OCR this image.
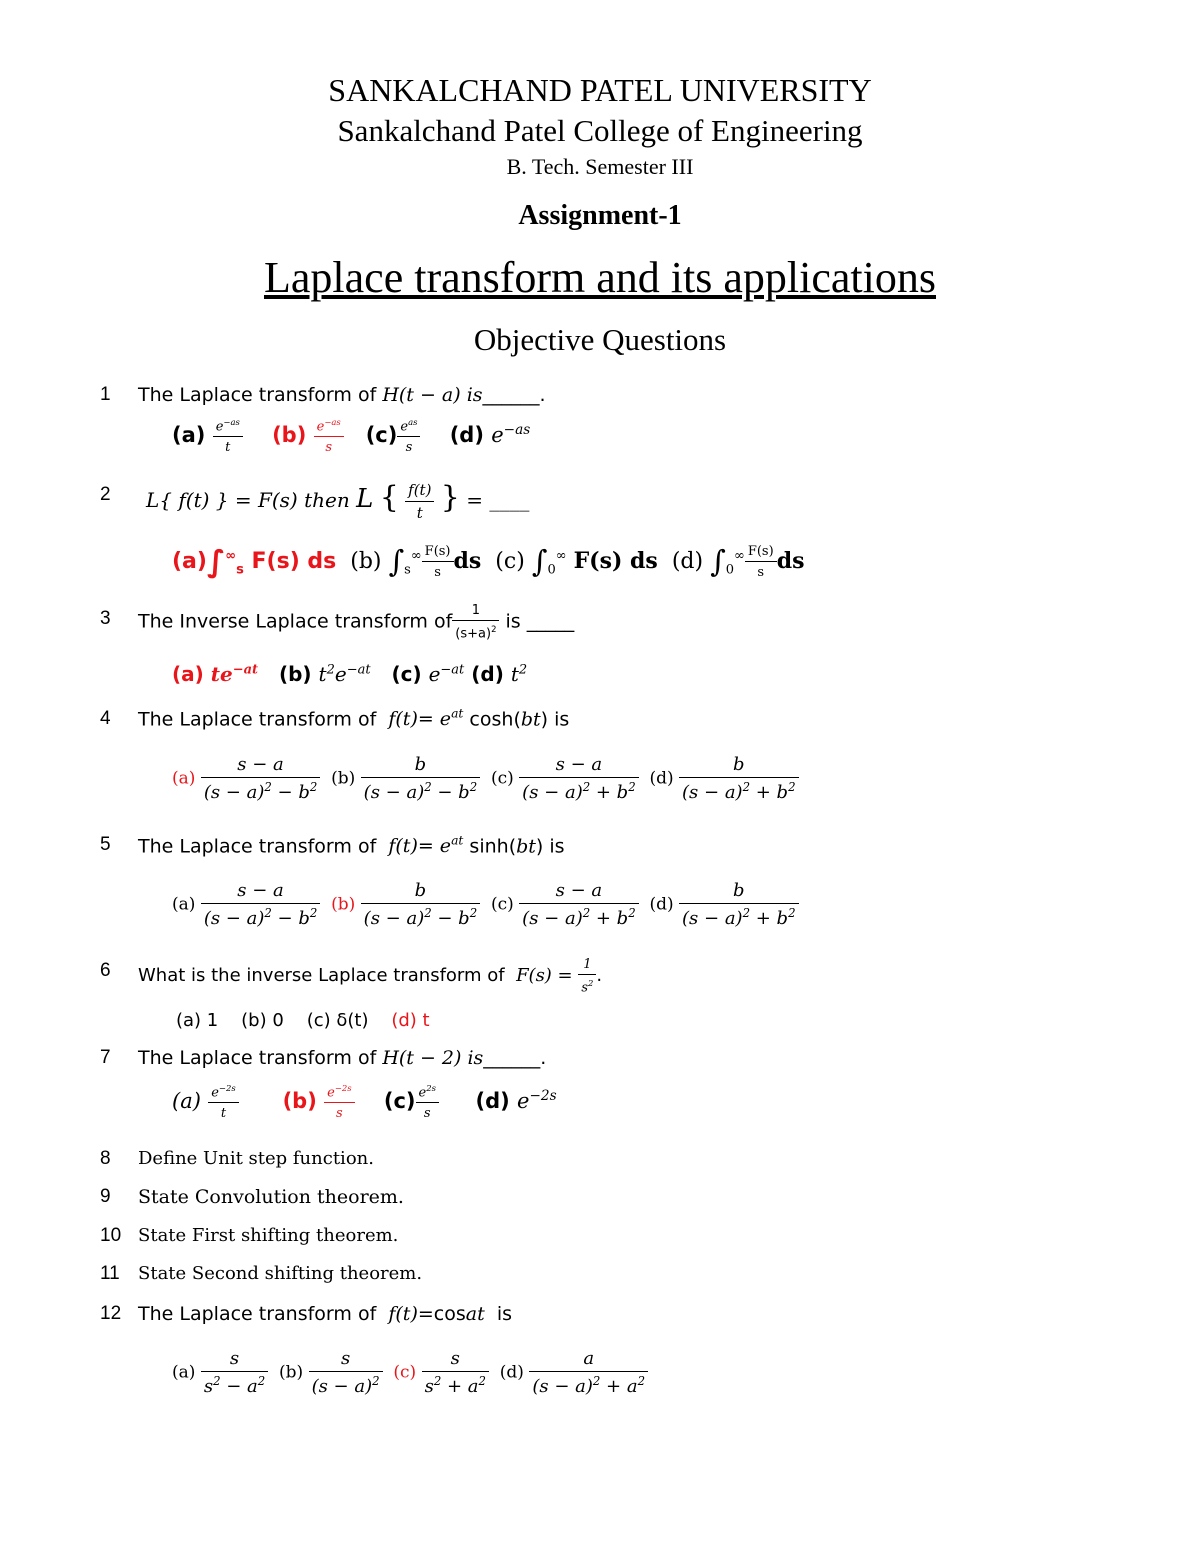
SANKALCHAND PATEL UNIVERSITY
Sankalchand Patel College of Engineering
B. Tech. Semester III
Assignment-1
Laplace transform and its applications
Objective Questions
1 The Laplace transform of H(t − a) is______.
$(a) \frac{e^{-as}}{t} (b) \frac{e^{-as}}{s} (c)$ $e^{as}$
s
(d) $e^{-as}$
2 L{ f(t) } = F(s) then L { $\frac{f(t)}{t}$ } = ____
$(a)\int^\infty_s$ F(s) ds (b) $\int_s^\infty \frac{F(s)}{s}$ ds (c) $\int_0^\infty$ F(s) ds (d) $\int_0^\infty \frac{F(s)}{s}$ ds
3 The Inverse Laplace transform of $\frac{1}{(s+a)^2}$ is _____
(a) $te^{-at}$ (b) $t^2e^{-at}$ (c) $e^{-at}$ (d) $t^2$
4 The Laplace transform of $f(t)= e^{at}$ cosh(bt) is
$(a) \frac{s - a}{(s - a)^2 - b^2} (b) \frac{b}{(s - a)^2 - b^2} (c) \frac{s - a}{(s - a)^2 + b^2} (d) \frac{b}{(s - a)^2 + b^2}$
5 The Laplace transform of $f(t)= e^{at}$ sinh(bt) is
$(a) \frac{s - a}{(s - a)^2 - b^2} (b) \frac{b}{(s - a)^2 - b^2} (c) \frac{s - a}{(s - a)^2 + b^2} (d) \frac{b}{(s - a)^2 + b^2}$
6 What is the inverse Laplace transform of $F(s) = \frac{1}{s^2}$ .
(a) 1 (b) 0 (c) δ(t) (d) t
7 The Laplace transform of H(t − 2) is______.
$(a) \frac{e^{-2s}}{t} (b) \frac{e^{-2s}}{s} (c) \frac{e^{2s}}{s} (d)$ $e^{-2s}$
8 Define Unit step function.
9 State Convolution theorem.
10 State First shifting theorem.
11 State Second shifting theorem.
12 The Laplace transform of f(t)=cosat is
$(a) \frac{s}{s^2 - a^2} (b) \frac{s}{(s - a)^2} (c) \frac{s}{s^2 + a^2} (d) \frac{a}{(s - a)^2 + a^2}$
